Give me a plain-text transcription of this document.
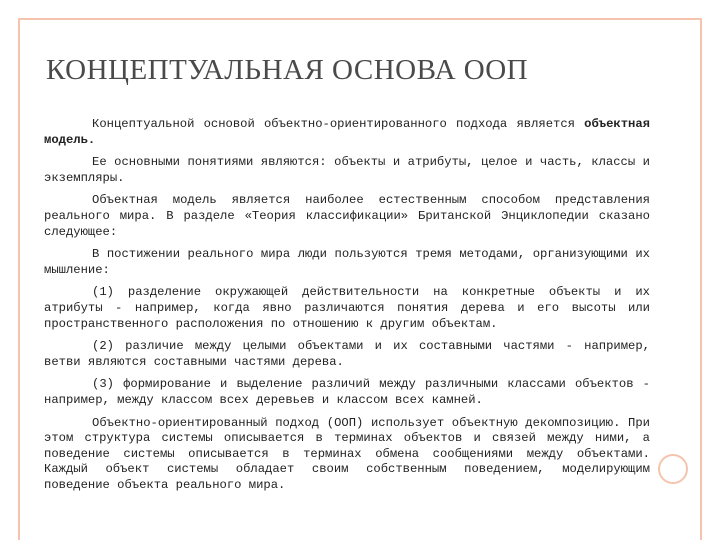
КОНЦЕПТУАЛЬНАЯ ОСНОВА ООП

Концептуальной основой объектно-ориентированного подхода является объектная модель.

Ее основными понятиями являются: объекты и атрибуты, целое и часть, классы и экземпляры.

Объектная модель является наиболее естественным способом представления реального мира. В разделе «Теория классификации» Британской Энциклопедии сказано следующее:

В постижении реального мира люди пользуются тремя методами, организующими их мышление:

(1) разделение окружающей действительности на конкретные объекты и их атрибуты - например, когда явно различаются понятия дерева и его высоты или пространственного расположения по отношению к другим объектам.

(2) различие между целыми объектами и их составными частями - например, ветви являются составными частями дерева.

(3) формирование и выделение различий между различными классами объектов - например, между классом всех деревьев и классом всех камней.

Объектно-ориентированный подход (ООП) использует объектную декомпозицию. При этом структура системы описывается в терминах объектов и связей между ними, а поведение системы описывается в терминах обмена сообщениями между объектами. Каждый объект системы обладает своим собственным поведением, моделирующим поведение объекта реального мира.
